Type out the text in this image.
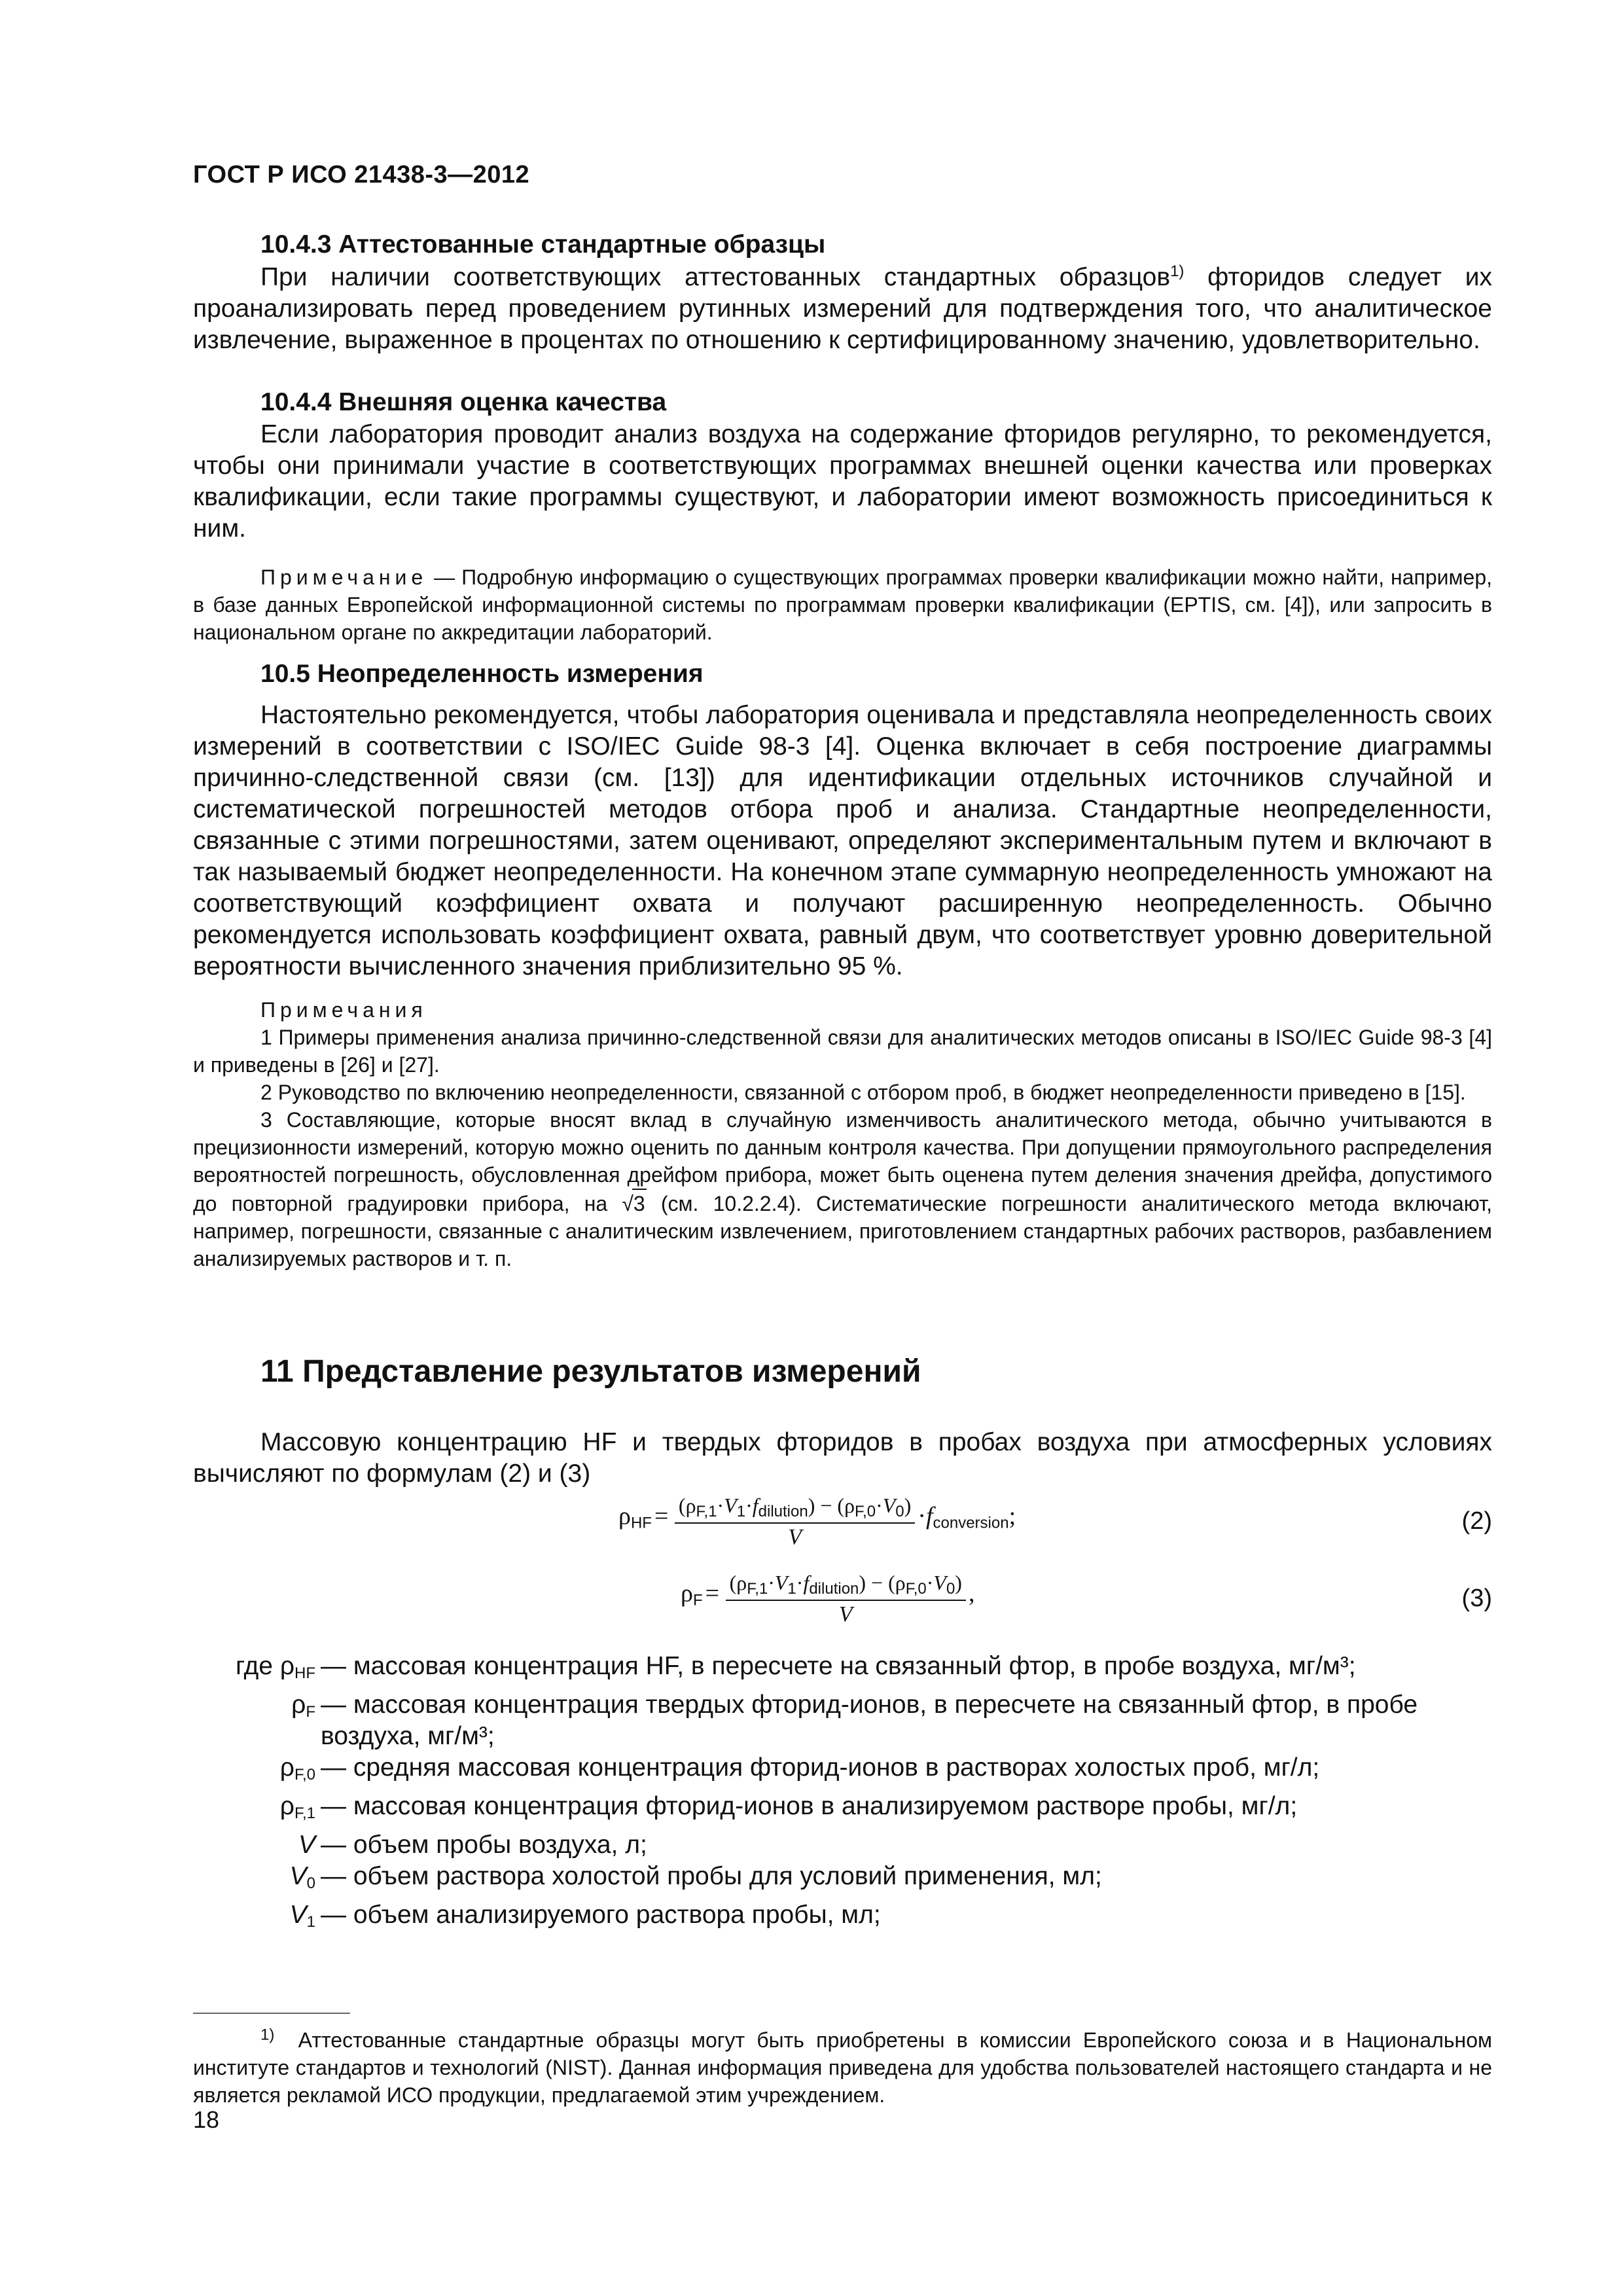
ГОСТ Р ИСО 21438-3—2012
10.4.3 Аттестованные стандартные образцы
При наличии соответствующих аттестованных стандартных образцов$^{1)}$ фторидов следует их проанализировать перед проведением рутинных измерений для подтверждения того, что аналитическое извлечение, выраженное в процентах по отношению к сертифицированному значению, удовлетворительно.
10.4.4 Внешняя оценка качества
Если лаборатория проводит анализ воздуха на содержание фторидов регулярно, то рекомендуется, чтобы они принимали участие в соответствующих программах внешней оценки качества или проверках квалификации, если такие программы существуют, и лаборатории имеют возможность присоединиться к ним.
Примечание — Подробную информацию о существующих программах проверки квалификации можно найти, например, в базе данных Европейской информационной системы по программам проверки квалификации (EPTIS, см. [4]), или запросить в национальном органе по аккредитации лабораторий.
10.5 Неопределенность измерения
Настоятельно рекомендуется, чтобы лаборатория оценивала и представляла неопределенность своих измерений в соответствии с ISO/IEC Guide 98-3 [4]. Оценка включает в себя построение диаграммы причинно-следственной связи (см. [13]) для идентификации отдельных источников случайной и систематической погрешностей методов отбора проб и анализа. Стандартные неопределенности, связанные с этими погрешностями, затем оценивают, определяют экспериментальным путем и включают в так называемый бюджет неопределенности. На конечном этапе суммарную неопределенность умножают на соответствующий коэффициент охвата и получают расширенную неопределенность. Обычно рекомендуется использовать коэффициент охвата, равный двум, что соответствует уровню доверительной вероятности вычисленного значения приблизительно 95 %.
Примечания
1 Примеры применения анализа причинно-следственной связи для аналитических методов описаны в ISO/IEC Guide 98-3 [4] и приведены в [26] и [27].
2 Руководство по включению неопределенности, связанной с отбором проб, в бюджет неопределенности приведено в [15].
3 Составляющие, которые вносят вклад в случайную изменчивость аналитического метода, обычно учитываются в прецизионности измерений, которую можно оценить по данным контроля качества. При допущении прямоугольного распределения вероятностей погрешность, обусловленная дрейфом прибора, может быть оценена путем деления значения дрейфа, допустимого до повторной градуировки прибора, на √3 (см. 10.2.2.4). Систематические погрешности аналитического метода включают, например, погрешности, связанные с аналитическим извлечением, приготовлением стандартных рабочих растворов, разбавлением анализируемых растворов и т. п.
11 Представление результатов измерений
Массовую концентрацию HF и твердых фторидов в пробах воздуха при атмосферных условиях вычисляют по формулам (2) и (3)
$\rho HF = \frac{(\rho_{F,1}\cdot V_1\cdot f_{dilution}) - (\rho_{F,0}\cdot V_0)}{V}$ ·fconversion;	(2)
$\rho F = \frac{(\rho_{F,1}\cdot V_1\cdot f_{dilution}) - (\rho_{F,0}\cdot V_0)}{V}$ ,	(3)
где $\rho_{HF}$ — массовая концентрация HF, в пересчете на связанный фтор, в пробе воздуха, мг/м³;
$\rho_F$ — массовая концентрация твердых фторид-ионов, в пересчете на связанный фтор, в пробе воздуха, мг/м³;
$\rho_{F,0}$ — средняя массовая концентрация фторид-ионов в растворах холостых проб, мг/л;
$\rho_{F,1}$ — массовая концентрация фторид-ионов в анализируемом растворе пробы, мг/л;
V — объем пробы воздуха, л;
$V_0$ — объем раствора холостой пробы для условий применения, мл;
$V_1$ — объем анализируемого раствора пробы, мл;
$^{1)}$ Аттестованные стандартные образцы могут быть приобретены в комиссии Европейского союза и в Национальном институте стандартов и технологий (NIST). Данная информация приведена для удобства пользователей настоящего стандарта и не является рекламой ИСО продукции, предлагаемой этим учреждением.
18
